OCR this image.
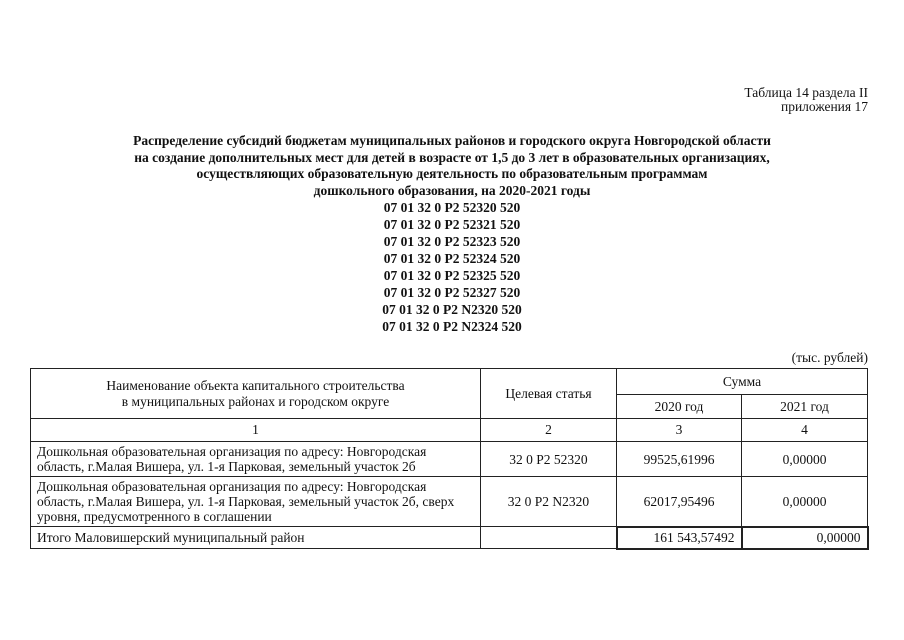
Таблица 14 раздела II
приложения 17
Распределение субсидий бюджетам муниципальных районов и городского округа Новгородской области
на создание дополнительных мест для детей в возрасте от 1,5 до 3 лет в образовательных организациях,
осуществляющих образовательную деятельность по образовательным программам
дошкольного образования, на 2020-2021 годы
07 01 32 0 P2 52320 520
07 01 32 0 P2 52321 520
07 01 32 0 P2 52323 520
07 01 32 0 P2 52324 520
07 01 32 0 P2 52325 520
07 01 32 0 P2 52327 520
07 01 32 0 P2 N2320 520
07 01 32 0 P2 N2324 520
(тыс. рублей)
Наименование объекта капитального строительства
в муниципальных районах и городском округе	Целевая статья	Сумма	
		2020 год	2021 год
1	2	3	4
Дошкольная образовательная организация по адресу: Новгородская область, г.Малая Вишера, ул. 1-я Парковая, земельный участок 2б	32 0 P2 52320	99525,61996	0,00000
Дошкольная образовательная организация по адресу: Новгородская область, г.Малая Вишера, ул. 1-я Парковая, земельный участок 2б, сверх уровня, предусмотренного в соглашении	32 0 P2 N2320	62017,95496	0,00000
Итого Маловишерский муниципальный район		161 543,57492	0,00000
